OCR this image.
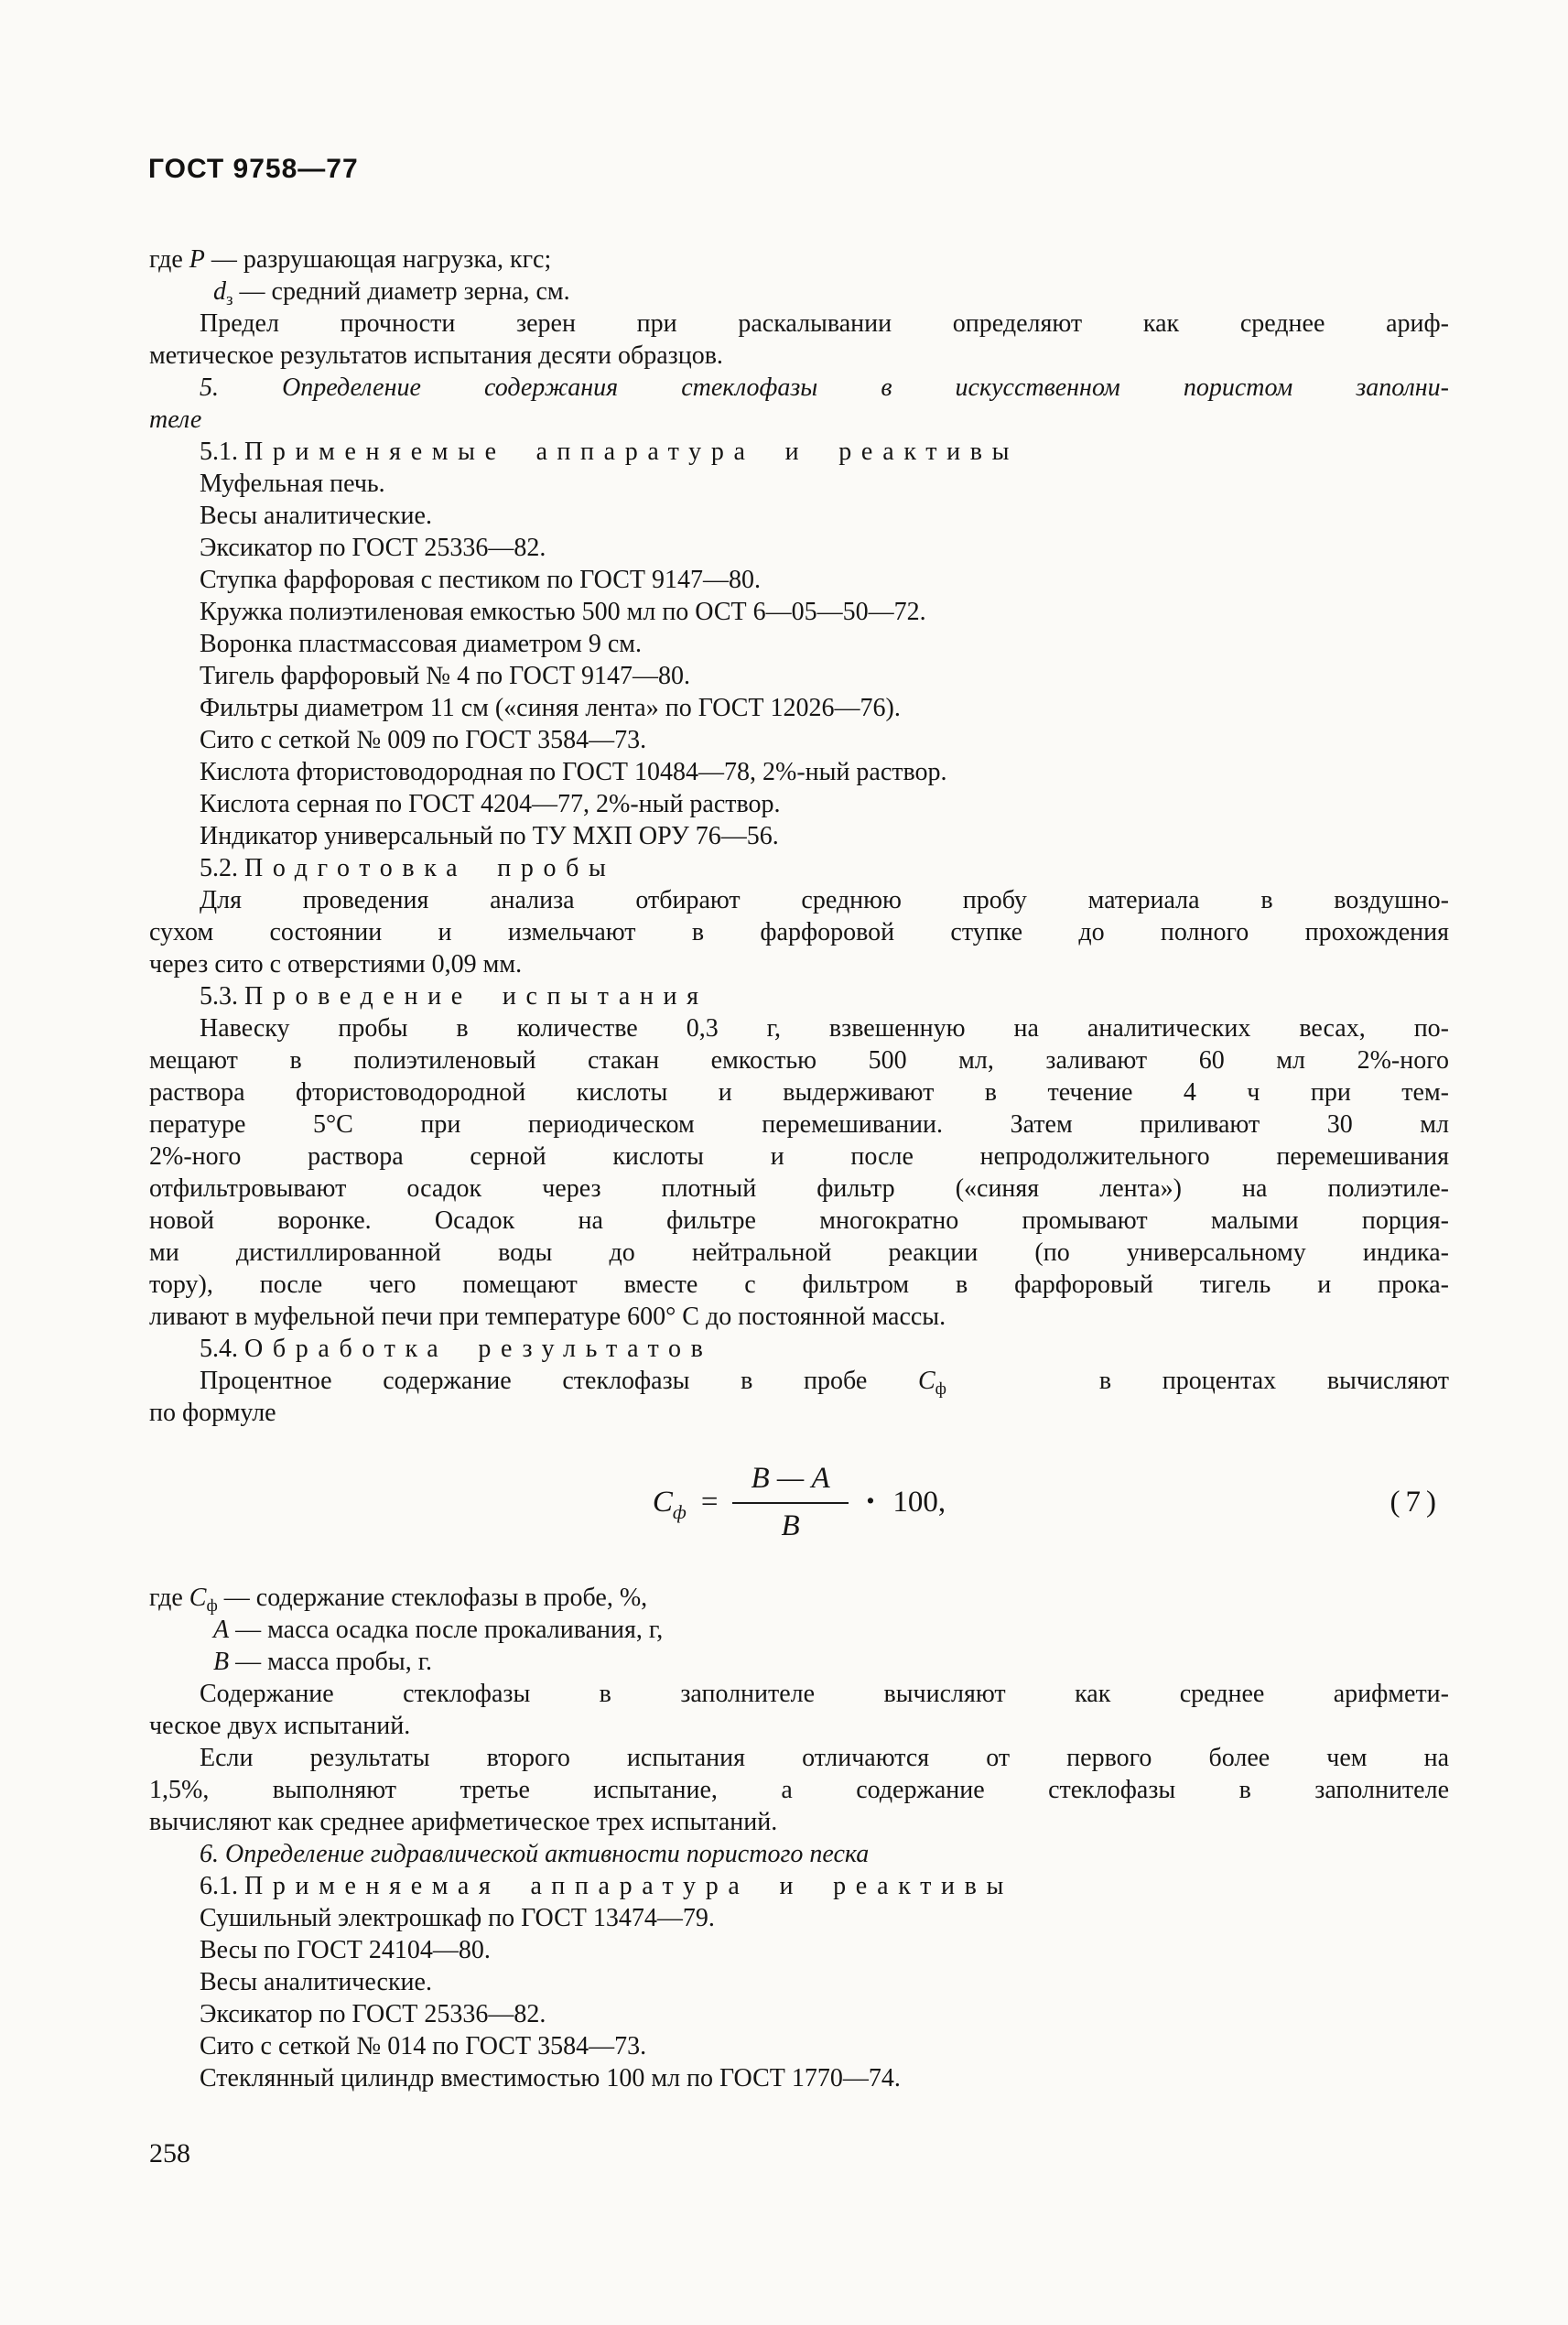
ГОСТ 9758—77
где Р — разрушающая нагрузка, кгс;
$d_з$ — средний диаметр зерна, см.
Предел прочности зерен при раскалывании определяют как среднее ариф-
метическое результатов испытания десяти образцов.
5. Определение содержания стеклофазы в искусственном пористом заполни-
теле
5.1. Применяемые аппаратура и реактивы
Муфельная печь.
Весы аналитические.
Эксикатор по ГОСТ 25336—82.
Ступка фарфоровая с пестиком по ГОСТ 9147—80.
Кружка полиэтиленовая емкостью 500 мл по ОСТ 6—05—50—72.
Воронка пластмассовая диаметром 9 см.
Тигель фарфоровый № 4 по ГОСТ 9147—80.
Фильтры диаметром 11 см («синяя лента» по ГОСТ 12026—76).
Сито с сеткой № 009 по ГОСТ 3584—73.
Кислота фтористоводородная по ГОСТ 10484—78, 2%-ный раствор.
Кислота серная по ГОСТ 4204—77, 2%-ный раствор.
Индикатор универсальный по ТУ МХП ОРУ 76—56.
5.2. Подготовка пробы
Для проведения анализа отбирают среднюю пробу материала в воздушно-
сухом состоянии и измельчают в фарфоровой ступке до полного прохождения
через сито с отверстиями 0,09 мм.
5.3. Проведение испытания
Навеску пробы в количестве 0,3 г, взвешенную на аналитических весах, по-
мещают в полиэтиленовый стакан емкостью 500 мл, заливают 60 мл 2%-ного
раствора фтористоводородной кислоты и выдерживают в течение 4 ч при тем-
пературе 5°С при периодическом перемешивании. Затем приливают 30 мл
2%-ного раствора серной кислоты и после непродолжительного перемешивания
отфильтровывают осадок через плотный фильтр («синяя лента») на полиэтиле-
новой воронке. Осадок на фильтре многократно промывают малыми порция-
ми дистиллированной воды до нейтральной реакции (по универсальному индика-
тору), после чего помещают вместе с фильтром в фарфоровый тигель и прока-
ливают в муфельной печи при температуре 600° С до постоянной массы.
5.4. Обработка результатов
Процентное содержание стеклофазы в пробе $С_ф$   в процентах вычисляют
по формуле
$С_ф = \frac{В — А}{В} \cdot 100$,	(7)
где $С_ф$ — содержание стеклофазы в пробе, %,
А — масса осадка после прокаливания, г,
В — масса пробы, г.
Содержание стеклофазы в заполнителе вычисляют как среднее арифмети-
ческое двух испытаний.
Если результаты второго испытания отличаются от первого более чем на
1,5%, выполняют третье испытание, а содержание стеклофазы в заполнителе
вычисляют как среднее арифметическое трех испытаний.
6. Определение гидравлической активности пористого песка
6.1. Применяемая аппаратура и реактивы
Сушильный электрошкаф по ГОСТ 13474—79.
Весы по ГОСТ 24104—80.
Весы аналитические.
Эксикатор по ГОСТ 25336—82.
Сито с сеткой № 014 по ГОСТ 3584—73.
Стеклянный цилиндр вместимостью 100 мл по ГОСТ 1770—74.
258
